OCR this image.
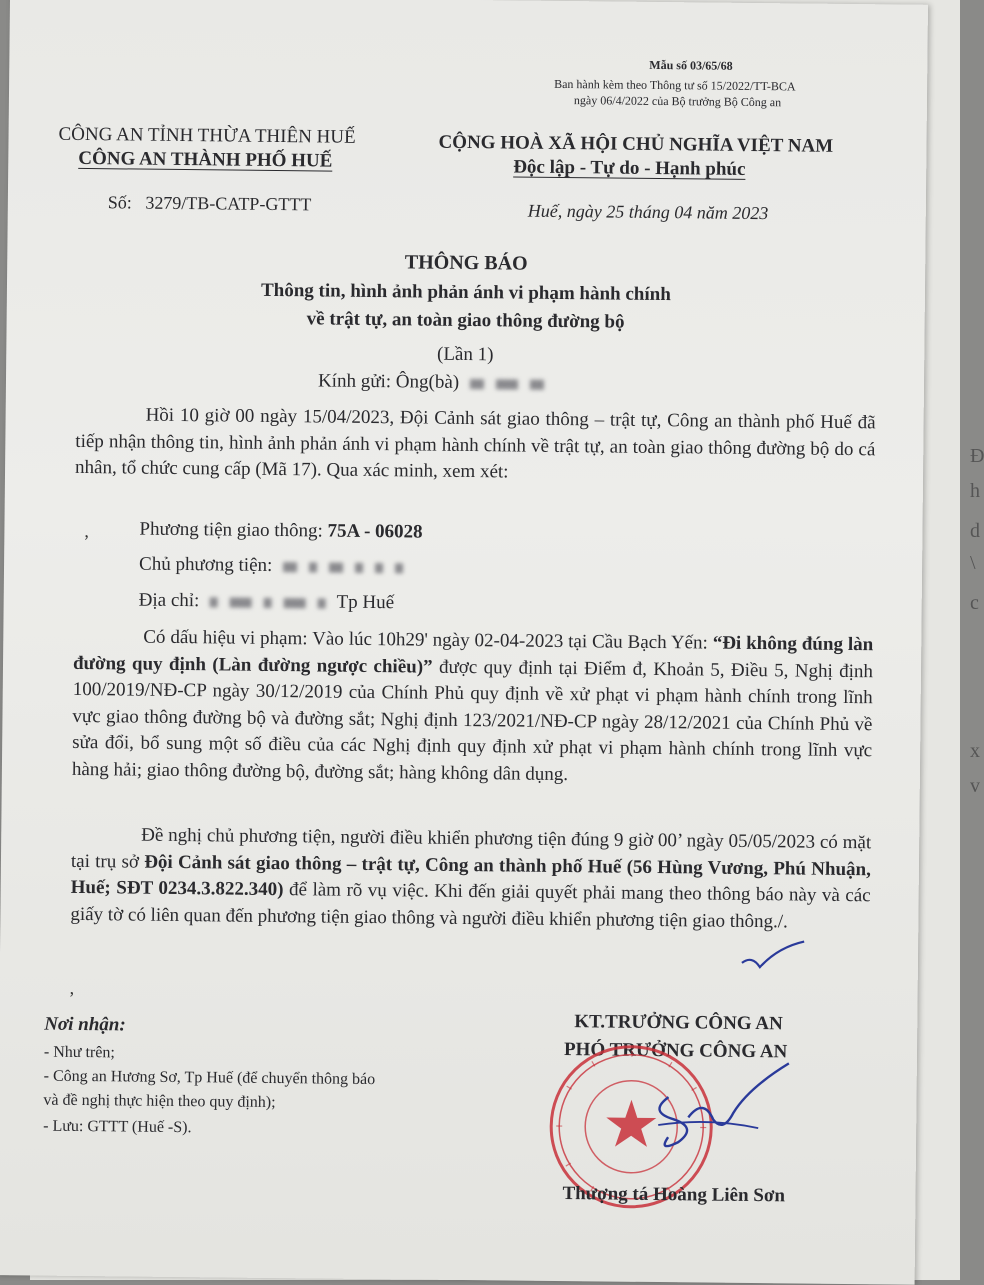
Đ
h
d
\
c
x
v
Mẫu số 03/65/68
Ban hành kèm theo Thông tư số 15/2022/TT-BCA
ngày 06/4/2022 của Bộ trưởng Bộ Công an
CÔNG AN TỈNH THỪA THIÊN HUẾ
CÔNG AN THÀNH PHỐ HUẾ
CỘNG HOÀ XÃ HỘI CHỦ NGHĨA VIỆT NAM
Độc lập - Tự do - Hạnh phúc
Số: 3279/TB-CATP-GTTT	Huế, ngày 25 tháng 04 năm 2023
THÔNG BÁO
Thông tin, hình ảnh phản ánh vi phạm hành chính
về trật tự, an toàn giao thông đường bộ
(Lần 1)
Kính gửi: Ông(bà)
Hồi 10 giờ 00 ngày 15/04/2023, Đội Cảnh sát giao thông – trật tự, Công an thành phố Huế đã tiếp nhận thông tin, hình ảnh phản ánh vi phạm hành chính về trật tự, an toàn giao thông đường bộ do cá nhân, tổ chức cung cấp (Mã 17). Qua xác minh, xem xét:
,	Phương tiện giao thông: 75A - 06028
Chủ phương tiện:
Địa chỉ:	Tp Huế
Có dấu hiệu vi phạm: Vào lúc 10h29' ngày 02-04-2023 tại Cầu Bạch Yến: “Đi không đúng làn đường quy định (Làn đường ngược chiều)” được quy định tại Điểm đ, Khoản 5, Điều 5, Nghị định 100/2019/NĐ-CP ngày 30/12/2019 của Chính Phủ quy định về xử phạt vi phạm hành chính trong lĩnh vực giao thông đường bộ và đường sắt; Nghị định 123/2021/NĐ-CP ngày 28/12/2021 của Chính Phủ về sửa đổi, bổ sung một số điều của các Nghị định quy định xử phạt vi phạm hành chính trong lĩnh vực hàng hải; giao thông đường bộ, đường sắt; hàng không dân dụng.
Đề nghị chủ phương tiện, người điều khiển phương tiện đúng 9 giờ 00’ ngày 05/05/2023 có mặt tại trụ sở Đội Cảnh sát giao thông – trật tự, Công an thành phố Huế (56 Hùng Vương, Phú Nhuận, Huế; SĐT 0234.3.822.340) để làm rõ vụ việc. Khi đến giải quyết phải mang theo thông báo này và các giấy tờ có liên quan đến phương tiện giao thông và người điều khiển phương tiện giao thông./.
,
Nơi nhận:
- Như trên;
- Công an Hương Sơ, Tp Huế (để chuyển thông báo
và đề nghị thực hiện theo quy định);
- Lưu: GTTT (Huế -S).
KT.TRƯỞNG CÔNG AN
PHÓ TRƯỞNG CÔNG AN
Thượng tá Hoàng Liên Sơn
